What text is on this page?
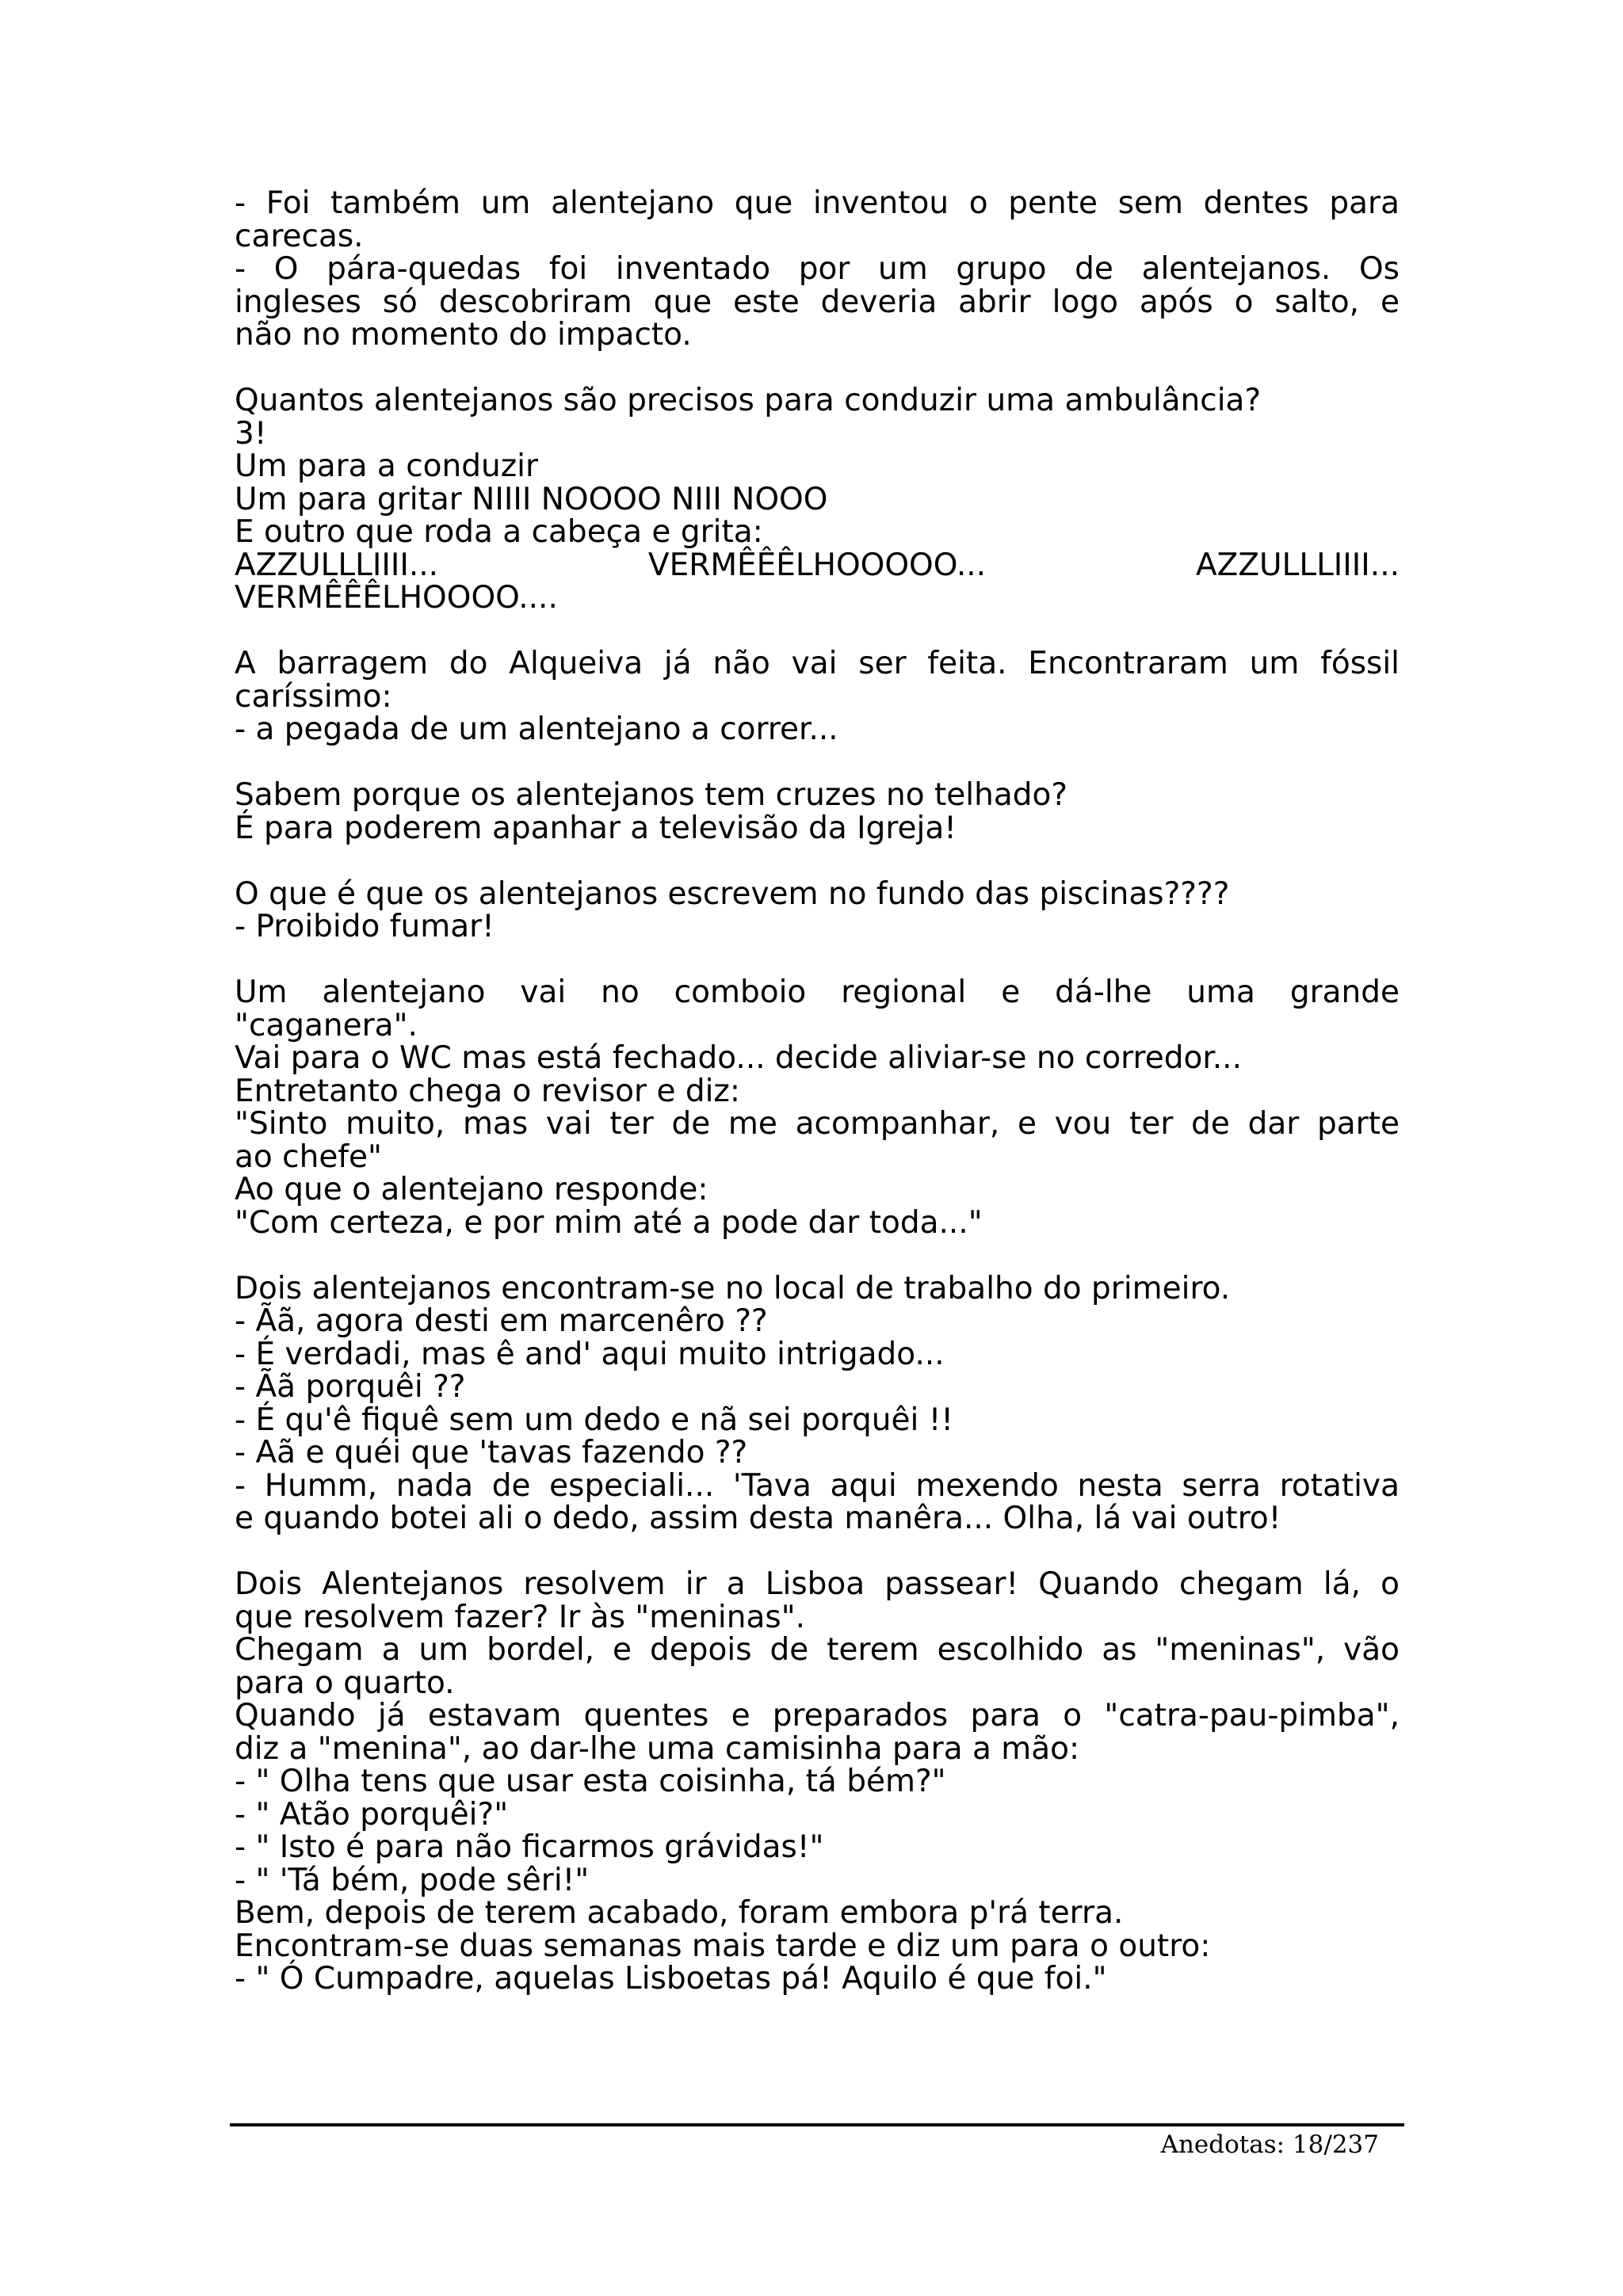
- Foi também um alentejano que inventou o pente sem dentes para
carecas.
- O pára-quedas foi inventado por um grupo de alentejanos. Os
ingleses só descobriram que este deveria abrir logo após o salto, e
não no momento do impacto.
Quantos alentejanos são precisos para conduzir uma ambulância?
3!
Um para a conduzir
Um para gritar NIIII NOOOO NIII NOOO
E outro que roda a cabeça e grita:
AZZULLLIIII... VERMÊÊÊLHOOOOO... AZZULLLIIII...
VERMÊÊÊLHOOOO....
A barragem do Alqueiva já não vai ser feita. Encontraram um fóssil
caríssimo:
- a pegada de um alentejano a correr...
Sabem porque os alentejanos tem cruzes no telhado?
É para poderem apanhar a televisão da Igreja!
O que é que os alentejanos escrevem no fundo das piscinas????
- Proibido fumar!
Um alentejano vai no comboio regional e dá-lhe uma grande
"caganera".
Vai para o WC mas está fechado... decide aliviar-se no corredor...
Entretanto chega o revisor e diz:
"Sinto muito, mas vai ter de me acompanhar, e vou ter de dar parte
ao chefe"
Ao que o alentejano responde:
"Com certeza, e por mim até a pode dar toda..."
Dois alentejanos encontram-se no local de trabalho do primeiro.
- Ãã, agora desti em marcenêro ??
- É verdadi, mas ê and' aqui muito intrigado...
- Ãã porquêi ??
- É qu'ê fiquê sem um dedo e nã sei porquêi !!
- Aã e quéi que 'tavas fazendo ??
- Humm, nada de especiali... 'Tava aqui mexendo nesta serra rotativa
e quando botei ali o dedo, assim desta manêra... Olha, lá vai outro!
Dois Alentejanos resolvem ir a Lisboa passear! Quando chegam lá, o
que resolvem fazer? Ir às "meninas".
Chegam a um bordel, e depois de terem escolhido as "meninas", vão
para o quarto.
Quando já estavam quentes e preparados para o "catra-pau-pimba",
diz a "menina", ao dar-lhe uma camisinha para a mão:
- " Olha tens que usar esta coisinha, tá bém?"
- " Atão porquêi?"
- " Isto é para não ficarmos grávidas!"
- " 'Tá bém, pode sêri!"
Bem, depois de terem acabado, foram embora p'rá terra.
Encontram-se duas semanas mais tarde e diz um para o outro:
- " Ó Cumpadre, aquelas Lisboetas pá! Aquilo é que foi."
Anedotas: 18/237
